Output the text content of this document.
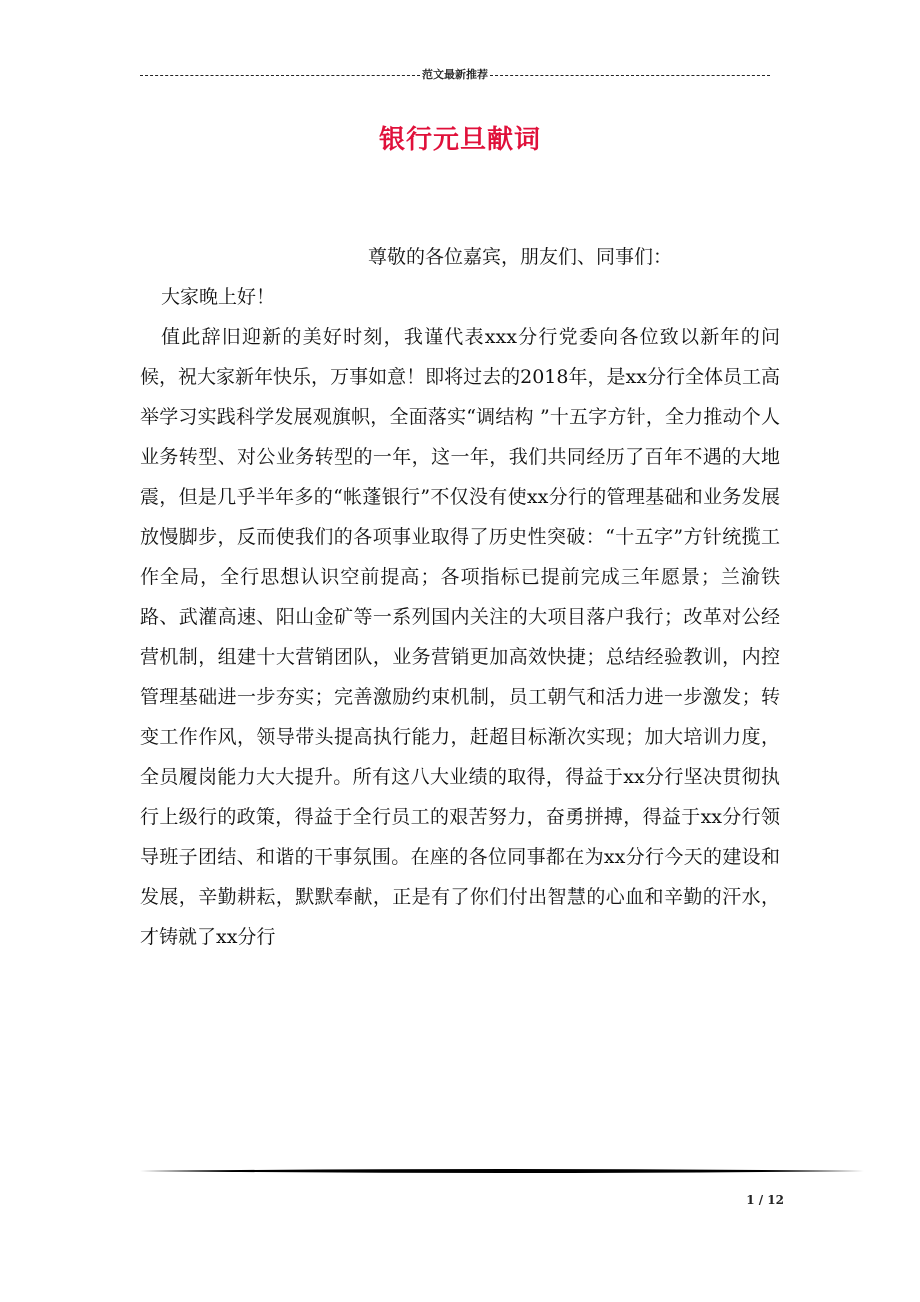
范文最新推荐
银行元旦献词

尊敬的各位嘉宾，朋友们、同事们：

大家晚上好！

值此辞旧迎新的美好时刻，我谨代表xxx分行党委向各位致以新年的问候，祝大家新年快乐，万事如意！即将过去的2018年，是xx分行全体员工高举学习实践科学发展观旗帜，全面落实“调结构 ”十五字方针，全力推动个人业务转型、对公业务转型的一年，这一年，我们共同经历了百年不遇的大地震，但是几乎半年多的“帐蓬银行”不仅没有使xx分行的管理基础和业务发展放慢脚步，反而使我们的各项事业取得了历史性突破：“十五字”方针统揽工作全局，全行思想认识空前提高；各项指标已提前完成三年愿景；兰渝铁路、武灌高速、阳山金矿等一系列国内关注的大项目落户我行；改革对公经营机制，组建十大营销团队，业务营销更加高效快捷；总结经验教训，内控管理基础进一步夯实；完善激励约束机制，员工朝气和活力进一步激发；转变工作作风，领导带头提高执行能力，赶超目标渐次实现；加大培训力度，全员履岗能力大大提升。所有这八大业绩的取得，得益于xx分行坚决贯彻执行上级行的政策，得益于全行员工的艰苦努力，奋勇拼搏，得益于xx分行领导班子团结、和谐的干事氛围。在座的各位同事都在为xx分行今天的建设和发展，辛勤耕耘，默默奉献，正是有了你们付出智慧的心血和辛勤的汗水，才铸就了xx分行

1 / 12
